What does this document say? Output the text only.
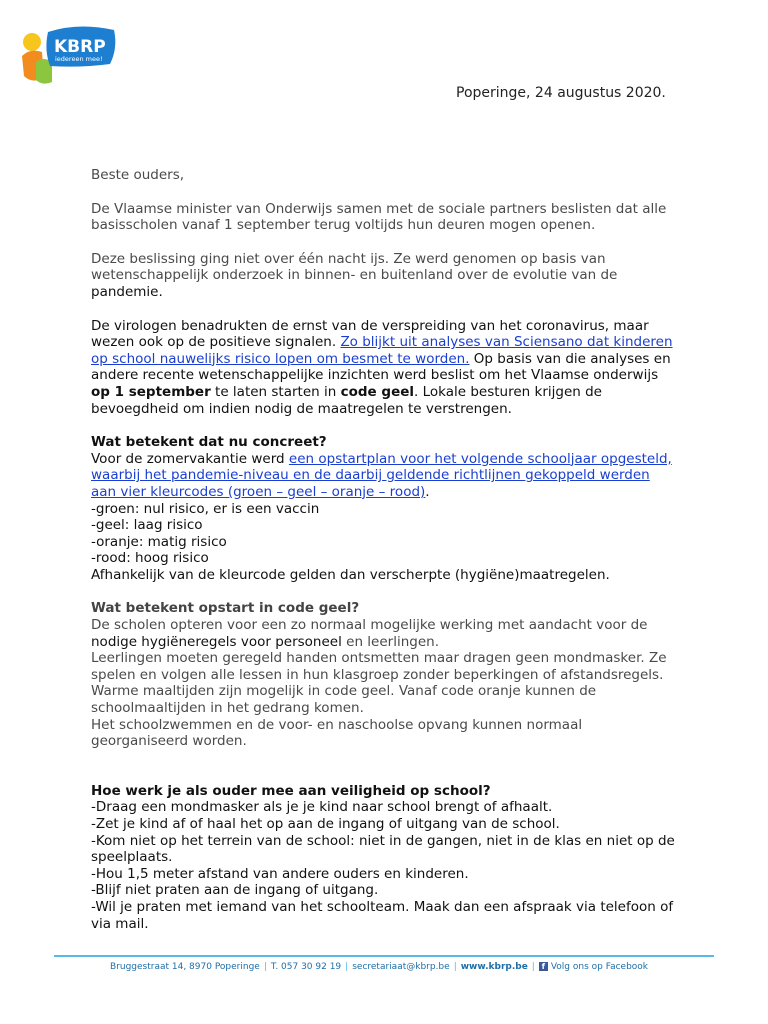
KBRP
iedereen mee!
Poperinge, 24 augustus 2020.

Beste ouders,

De Vlaamse minister van Onderwijs samen met de sociale partners beslisten dat alle basisscholen vanaf 1 september terug voltijds hun deuren mogen openen.

Deze beslissing ging niet over één nacht ijs. Ze werd genomen op basis van wetenschappelijk onderzoek in binnen- en buitenland over de evolutie van de pandemie.

De virologen benadrukten de ernst van de verspreiding van het coronavirus, maar wezen ook op de positieve signalen. Zo blijkt uit analyses van Sciensano dat kinderen op school nauwelijks risico lopen om besmet te worden. Op basis van die analyses en andere recente wetenschappelijke inzichten werd beslist om het Vlaamse onderwijs op 1 september te laten starten in code geel. Lokale besturen krijgen de bevoegdheid om indien nodig de maatregelen te verstrengen.

Wat betekent dat nu concreet?

Voor de zomervakantie werd een opstartplan voor het volgende schooljaar opgesteld, waarbij het pandemie-niveau en de daarbij geldende richtlijnen gekoppeld werden aan vier kleurcodes (groen – geel – oranje – rood).

-groen: nul risico, er is een vaccin

-geel: laag risico

-oranje: matig risico

-rood: hoog risico

Afhankelijk van de kleurcode gelden dan verscherpte (hygiëne)maatregelen.

Wat betekent opstart in code geel?

De scholen opteren voor een zo normaal mogelijke werking met aandacht voor de nodige hygiëneregels voor personeel en leerlingen.

Leerlingen moeten geregeld handen ontsmetten maar dragen geen mondmasker. Ze spelen en volgen alle lessen in hun klasgroep zonder beperkingen of afstandsregels.

Warme maaltijden zijn mogelijk in code geel. Vanaf code oranje kunnen de schoolmaaltijden in het gedrang komen.

Het schoolzwemmen en de voor- en naschoolse opvang kunnen normaal georganiseerd worden.

Hoe werk je als ouder mee aan veiligheid op school?

-Draag een mondmasker als je je kind naar school brengt of afhaalt.

-Zet je kind af of haal het op aan de ingang of uitgang van de school.

-Kom niet op het terrein van de school: niet in de gangen, niet in de klas en niet op de speelplaats.

-Hou 1,5 meter afstand van andere ouders en kinderen.

-Blijf niet praten aan de ingang of uitgang.

-Wil je praten met iemand van het schoolteam. Maak dan een afspraak via telefoon of via mail.

Bruggestraat 14, 8970 Poperinge | T. 057 30 92 19 | secretariaat@kbrp.be | www.kbrp.be | f Volg ons op Facebook
